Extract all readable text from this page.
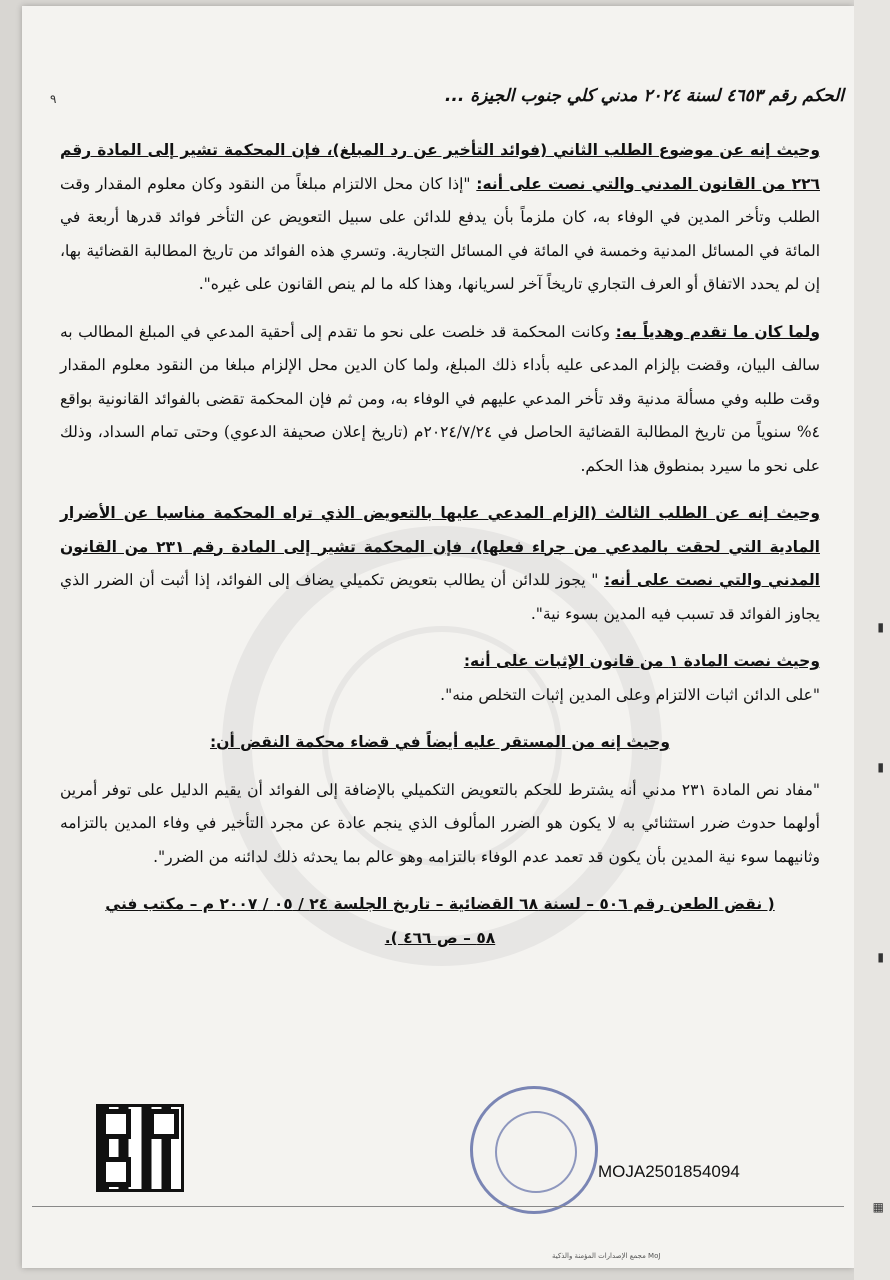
الحكم رقم ٤٦٥٣ لسنة ٢٠٢٤ مدني كلي جنوب الجيزة ...
٩

وحيث إنه عن موضوع الطلب الثاني (فوائد التأخير عن رد المبلغ)، فإن المحكمة تشير إلى المادة رقم ٢٢٦ من القانون المدني والتي نصت على أنه: "إذا كان محل الالتزام مبلغاً من النقود وكان معلوم المقدار وقت الطلب وتأخر المدين في الوفاء به، كان ملزماً بأن يدفع للدائن على سبيل التعويض عن التأخر فوائد قدرها أربعة في المائة في المسائل المدنية وخمسة في المائة في المسائل التجارية. وتسري هذه الفوائد من تاريخ المطالبة القضائية بها، إن لم يحدد الاتفاق أو العرف التجاري تاريخاً آخر لسريانها، وهذا كله ما لم ينص القانون على غيره".

ولما كان ما تقدم وهدياً به: وكانت المحكمة قد خلصت على نحو ما تقدم إلى أحقية المدعي في المبلغ المطالب به سالف البيان، وقضت بإلزام المدعى عليه بأداء ذلك المبلغ، ولما كان الدين محل الإلزام مبلغا من النقود معلوم المقدار وقت طلبه وفي مسألة مدنية وقد تأخر المدعي عليهم في الوفاء به، ومن ثم فإن المحكمة تقضى بالفوائد القانونية بواقع ٤% سنوياً من تاريخ المطالبة القضائية الحاصل في ٢٠٢٤/٧/٢٤م (تاريخ إعلان صحيفة الدعوي) وحتى تمام السداد، وذلك على نحو ما سيرد بمنطوق هذا الحكم.

وحيث إنه عن الطلب الثالث (الزام المدعي عليها بالتعويض الذي تراه المحكمة مناسبا عن الأضرار المادية التي لحقت بالمدعي من جراء فعلها)، فإن المحكمة تشير إلى المادة رقم ٢٣١ من القانون المدني والتي نصت على أنه: " يجوز للدائن أن يطالب بتعويض تكميلي يضاف إلى الفوائد، إذا أثبت أن الضرر الذي يجاوز الفوائد قد تسبب فيه المدين بسوء نية".

وحيث نصت المادة ١ من قانون الإثبات على أنه:
"على الدائن اثبات الالتزام وعلى المدين إثبات التخلص منه".

وحيث إنه من المستقر عليه أيضاً في قضاء محكمة النقض أن:

"مفاد نص المادة ٢٣١ مدني أنه يشترط للحكم بالتعويض التكميلي بالإضافة إلى الفوائد أن يقيم الدليل على توفر أمرين أولهما حدوث ضرر استثنائي به لا يكون هو الضرر المألوف الذي ينجم عادة عن مجرد التأخير في وفاء المدين بالتزامه وثانيهما سوء نية المدين بأن يكون قد تعمد عدم الوفاء بالتزامه وهو عالم بما يحدثه ذلك لدائنه من الضرر".

( نقض الطعن رقم ٥٠٦ – لسنة ٦٨ القضائية – تاريخ الجلسة ٢٤ / ٠٥ / ٢٠٠٧ م – مكتب فني
٥٨ – ص ٤٦٦ ).
MOJA2501854094
مجمع الإصدارات المؤمنة والذكية MoJ
▮
▮
▮
▦
